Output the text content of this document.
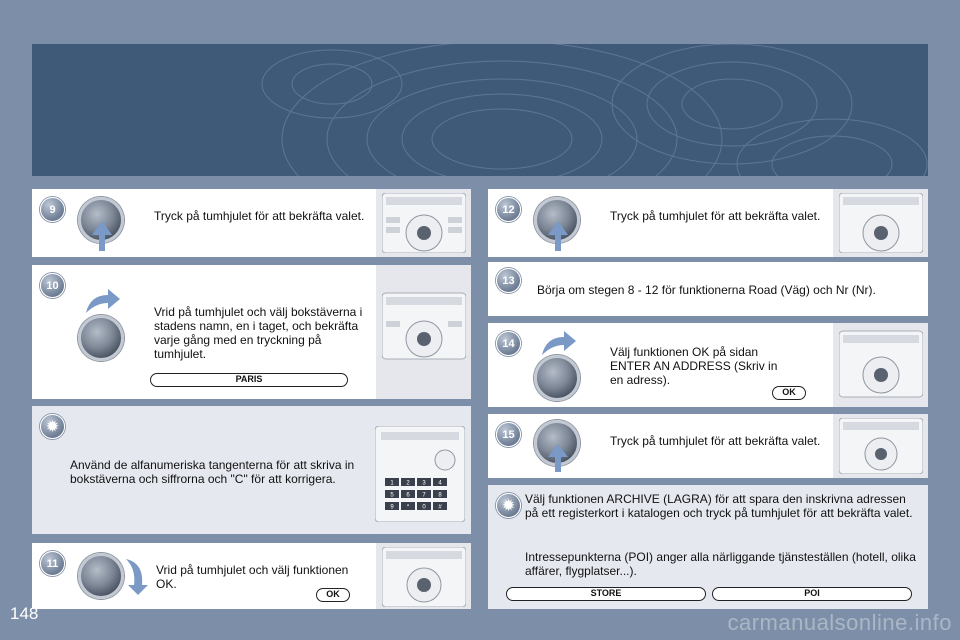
9	Tryck på tumhjulet för att bekräfta valet.
10
Vrid på tumhjulet och välj bokstäverna i stadens namn, en i taget, och bekräfta varje gång med en tryckning på tumhjulet.
PARIS
✹
Använd de alfanumeriska tangenterna för att skriva in bokstäverna och siffrorna och "C" för att korrigera.	1 2 3 4
5 6 7 8
9 * 0 #
11	Vrid på tumhjulet och välj funktionen OK.
OK
12	Tryck på tumhjulet för att bekräfta valet.
13
Börja om stegen 8 - 12 för funktionerna Road (Väg) och Nr (Nr).
14
Välj funktionen OK på sidan ENTER AN ADDRESS (Skriv in en adress).
OK
15	Tryck på tumhjulet för att bekräfta valet.
✹ Välj funktionen ARCHIVE (LAGRA) för att spara den inskrivna adressen på ett registerkort i katalogen och tryck på tumhjulet för att bekräfta valet.
Intressepunkterna (POI) anger alla närliggande tjänsteställen (hotell, olika affärer, flygplatser...).
STORE	POI
148	carmanualsonline.info
